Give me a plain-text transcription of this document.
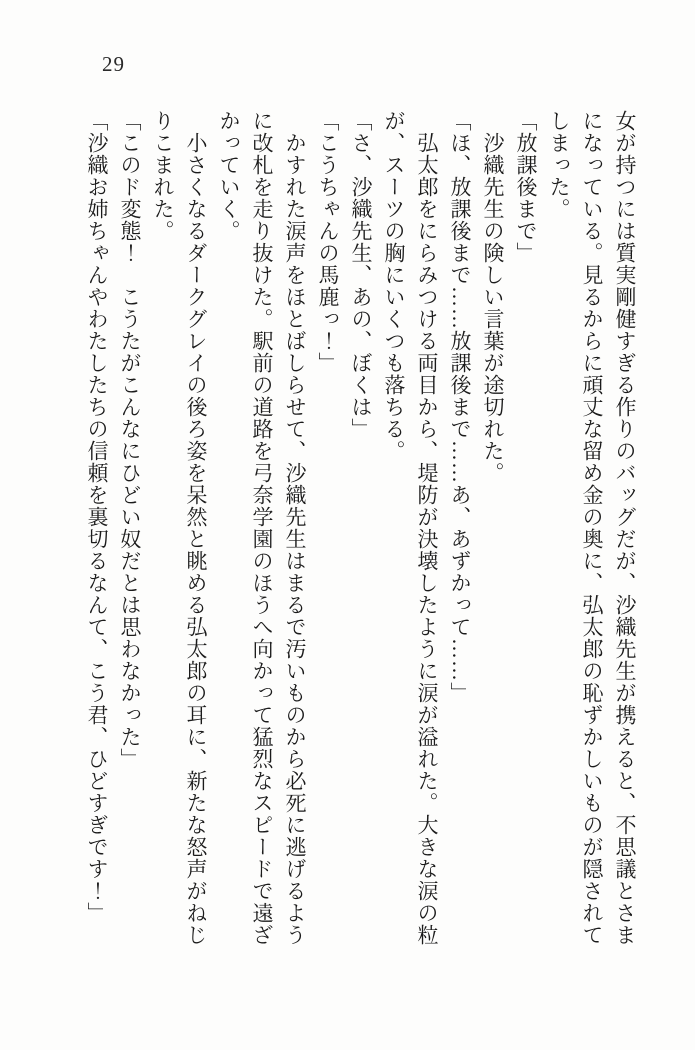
29

女が持つには質実剛健すぎる作りのバッグだが、沙織先生が携えると、不思議とさま

になっている。見るからに頑丈な留め金の奥に、弘太郎の恥ずかしいものが隠されて

しまった。

「放課後まで」

沙織先生の険しい言葉が途切れた。

「ほ、放課後まで……放課後まで……あ、あずかって……」

弘太郎をにらみつける両目から、堤防が決壊したように涙が溢れた。大きな涙の粒

が、スーツの胸にいくつも落ちる。

「さ、沙織先生、あの、ぼくは」

「こうちゃんの馬鹿っ！」

かすれた涙声をほとばしらせて、沙織先生はまるで汚いものから必死に逃げるよう

に改札を走り抜けた。駅前の道路を弓奈学園のほうへ向かって猛烈なスピードで遠ざ

かっていく。

小さくなるダークグレイの後ろ姿を呆然と眺める弘太郎の耳に、新たな怒声がねじ

りこまれた。

「このド変態！　こうたがこんなにひどい奴だとは思わなかった」

「沙織お姉ちゃんやわたしたちの信頼を裏切るなんて、こう君、ひどすぎです！」
